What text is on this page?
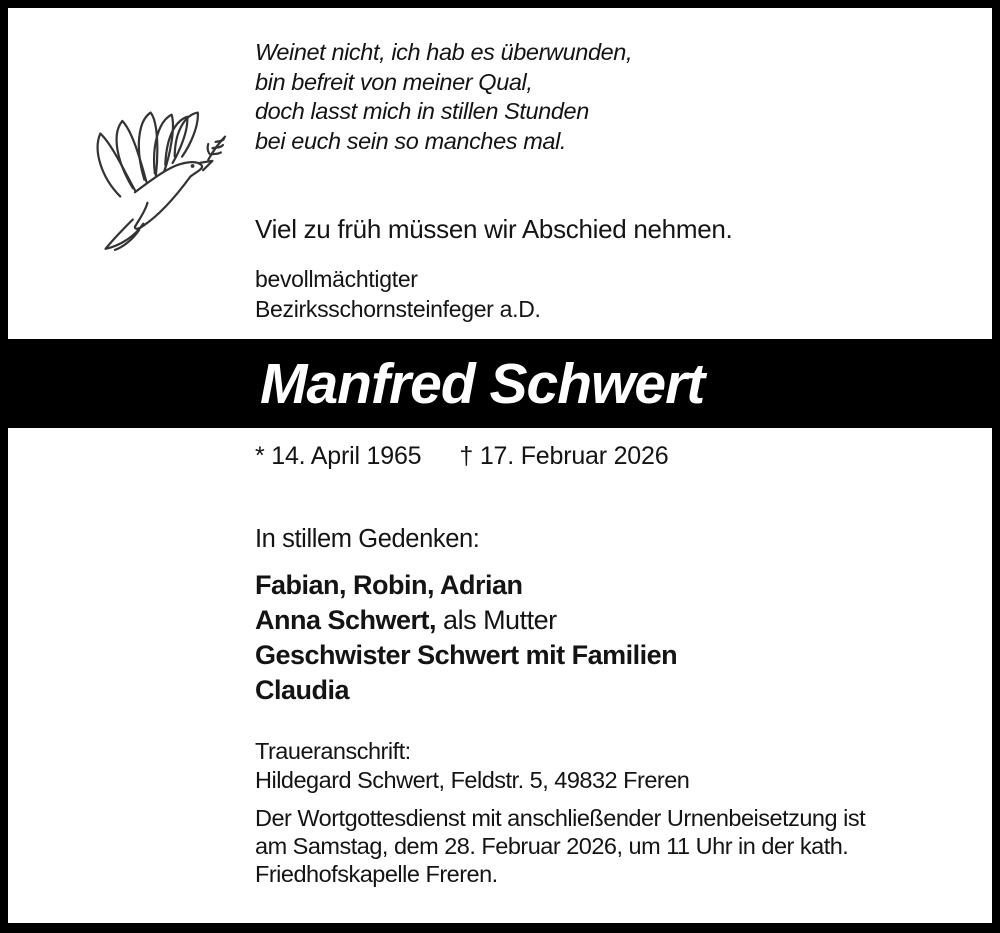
Weinet nicht, ich hab es überwunden,
bin befreit von meiner Qual,
doch lasst mich in stillen Stunden
bei euch sein so manches mal.
Viel zu früh müssen wir Abschied nehmen.
bevollmächtigter
Bezirksschornsteinfeger a.D.
Manfred Schwert
* 14. April 1965 † 17. Februar 2026
In stillem Gedenken:
Fabian, Robin, Adrian
Anna Schwert, als Mutter
Geschwister Schwert mit Familien
Claudia
Traueranschrift:
Hildegard Schwert, Feldstr. 5, 49832 Freren
Der Wortgottesdienst mit anschließender Urnenbeisetzung ist
am Samstag, dem 28. Februar 2026, um 11 Uhr in der kath.
Friedhofskapelle Freren.
